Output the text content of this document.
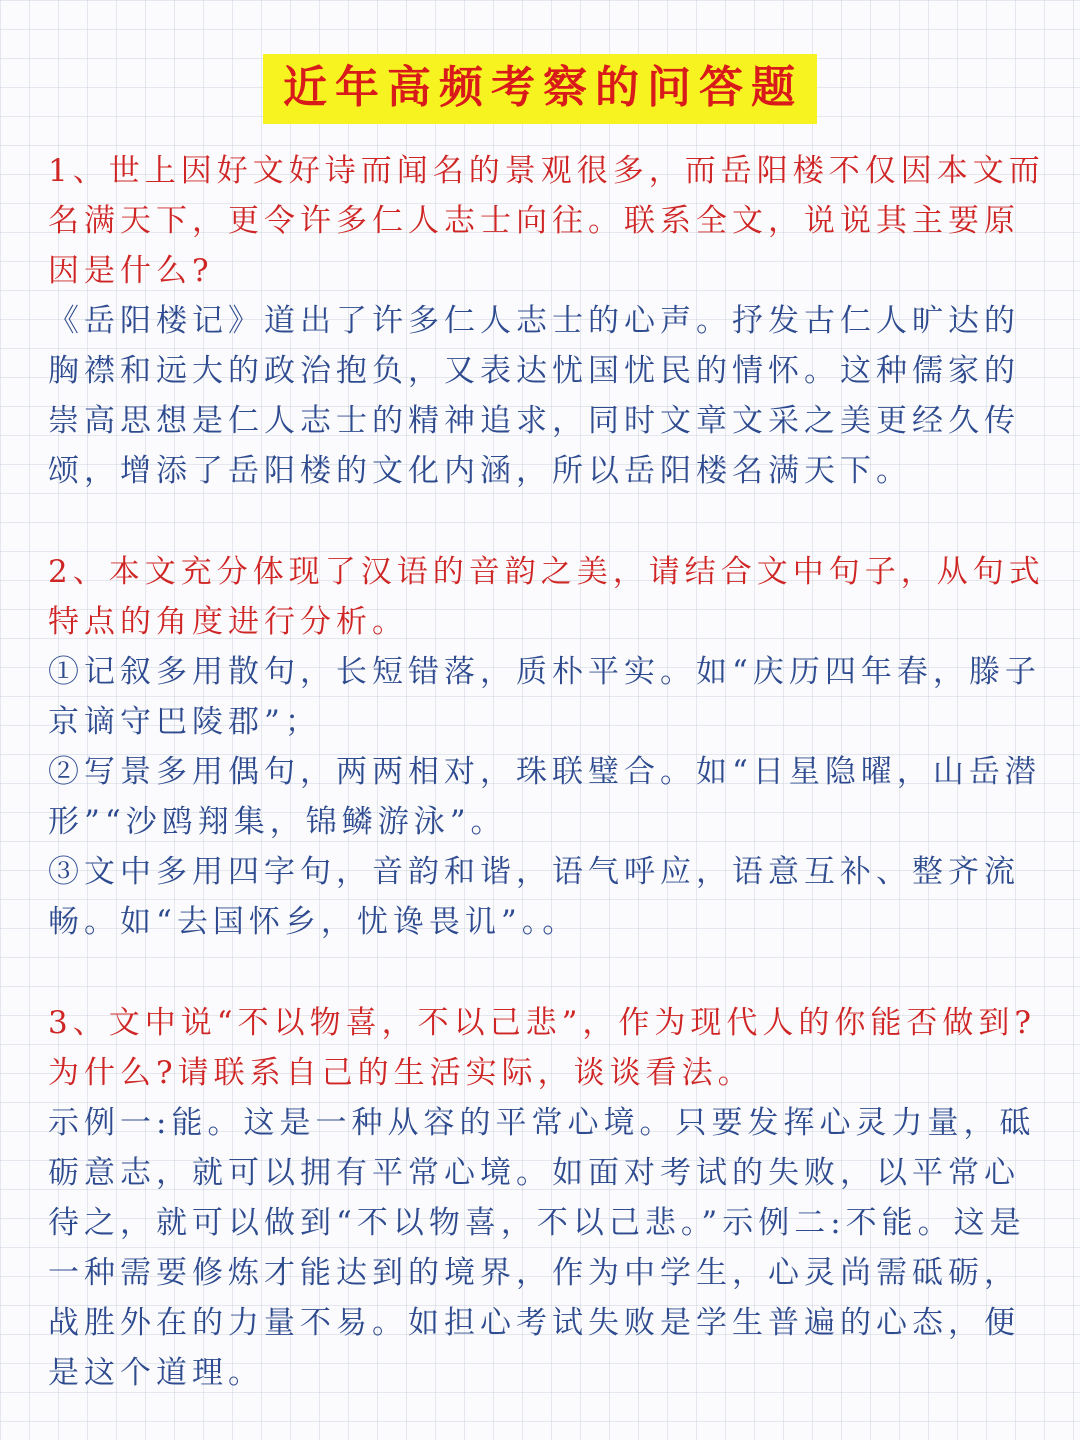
近年高频考察的问答题

1、世上因好文好诗而闻名的景观很多，而岳阳楼不仅因本文而名满天下，更令许多仁人志士向往。联系全文，说说其主要原因是什么?

《岳阳楼记》道出了许多仁人志士的心声。抒发古仁人旷达的胸襟和远大的政治抱负，又表达忧国忧民的情怀。这种儒家的崇高思想是仁人志士的精神追求，同时文章文采之美更经久传颂，增添了岳阳楼的文化内涵，所以岳阳楼名满天下。

2、本文充分体现了汉语的音韵之美，请结合文中句子，从句式特点的角度进行分析。

①记叙多用散句，长短错落，质朴平实。如“庆历四年春，滕子京谪守巴陵郡”；

②写景多用偶句，两两相对，珠联璧合。如“日星隐曜，山岳潜形”“沙鸥翔集，锦鳞游泳”。

③文中多用四字句，音韵和谐，语气呼应，语意互补、整齐流畅。如“去国怀乡，忧谗畏讥”。。

3、文中说“不以物喜，不以己悲”，作为现代人的你能否做到?为什么?请联系自己的生活实际，谈谈看法。

示例一:能。这是一种从容的平常心境。只要发挥心灵力量，砥砺意志，就可以拥有平常心境。如面对考试的失败，以平常心待之，就可以做到“不以物喜，不以己悲。”示例二:不能。这是一种需要修炼才能达到的境界，作为中学生，心灵尚需砥砺，战胜外在的力量不易。如担心考试失败是学生普遍的心态，便是这个道理。
